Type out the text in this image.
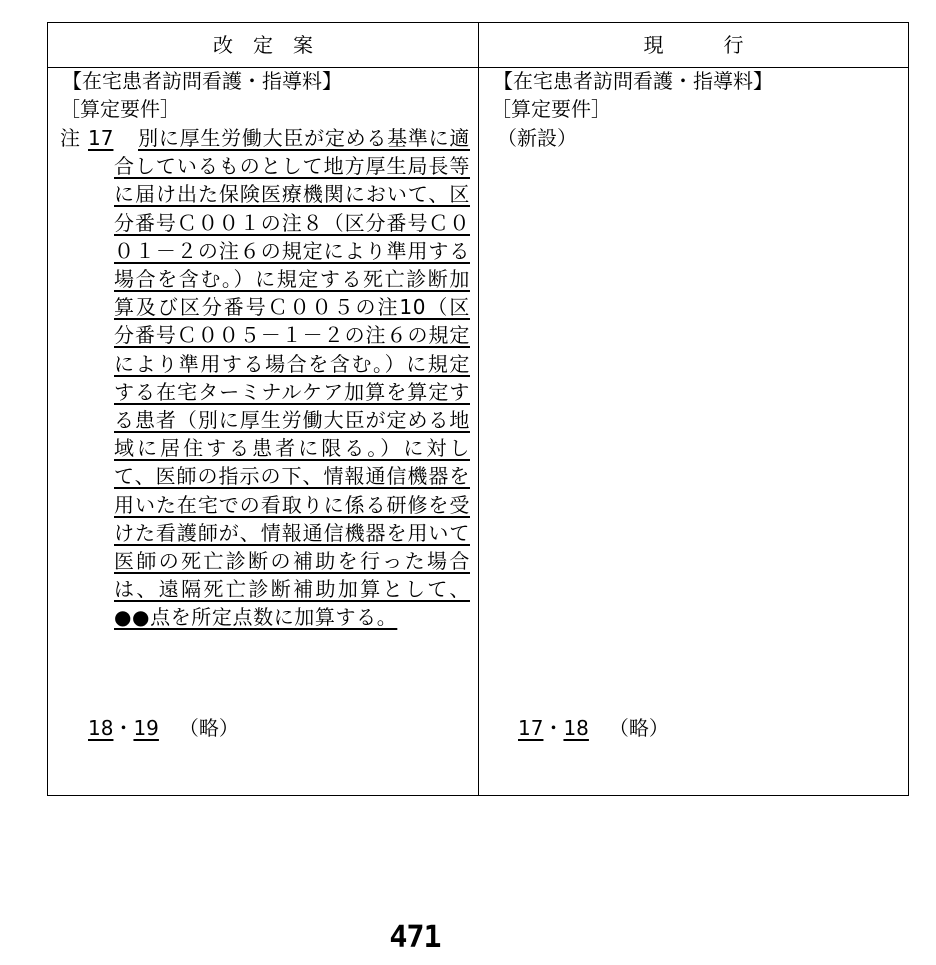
改　定　案	現　　　行
【在宅患者訪問看護・指導料】
［算定要件］
注 17	別に厚生労働大臣が定める基準に適合しているものとして地方厚生局長等に届け出た保険医療機関において、区分番号Ｃ００１の注８（区分番号Ｃ００１－２の注６の規定により準用する場合を含む。）に規定する死亡診断加算及び区分番号Ｃ００５の注10（区分番号Ｃ００５－１－２の注６の規定により準用する場合を含む。）に規定する在宅ターミナルケア加算を算定する患者（別に厚生労働大臣が定める地域に居住する患者に限る。）に対して、医師の指示の下、情報通信機器を用いた在宅での看取りに係る研修を受けた看護師が、情報通信機器を用いて医師の死亡診断の補助を行った場合は、遠隔死亡診断補助加算として、●●点を所定点数に加算する。
18・19 （略）
【在宅患者訪問看護・指導料】
［算定要件］
（新設）
17・18 （略）
471
